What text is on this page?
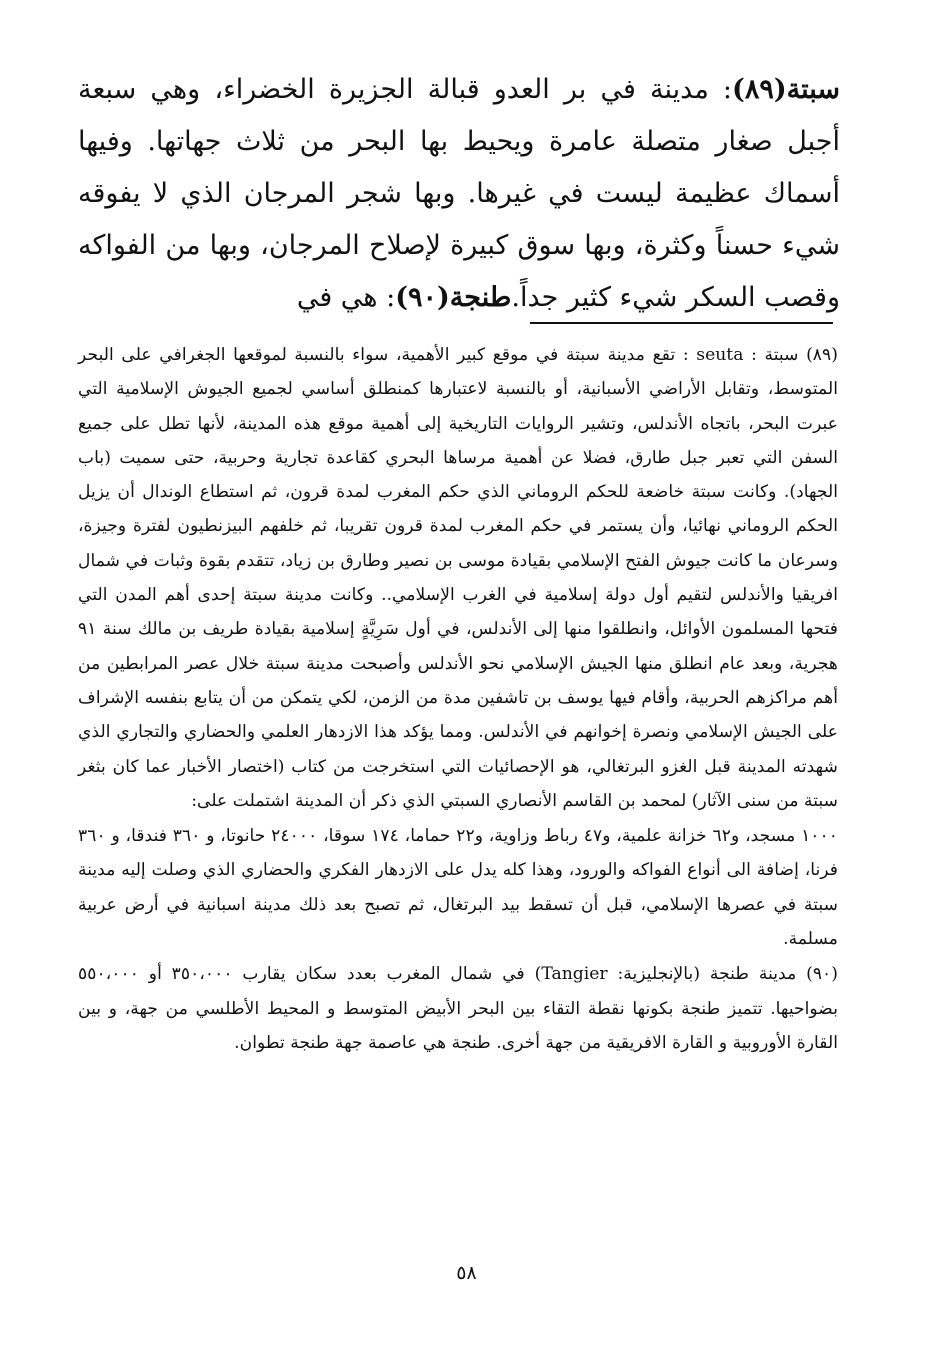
سبتة(٨٩): مدينة في بر العدو قبالة الجزيرة الخضراء، وهي سبعة أجبل صغار متصلة عامرة ويحيط بها البحر من ثلاث جهاتها. وفيها أسماك عظيمة ليست في غيرها. وبها شجر المرجان الذي لا يفوقه شيء حسناً وكثرة، وبها سوق كبيرة لإصلاح المرجان، وبها من الفواكه وقصب السكر شيء كثير جداً.طنجة(٩٠): هي في

(٨٩) سبتة : seuta : تقع مدينة سبتة في موقع كبير الأهمية، سواء بالنسبة لموقعها الجغرافي على البحر المتوسط، وتقابل الأراضي الأسبانية، أو بالنسبة لاعتبارها كمنطلق أساسي لجميع الجيوش الإسلامية التي عبرت البحر، باتجاه الأندلس، وتشير الروايات التاريخية إلى أهمية موقع هذه المدينة، لأنها تطل على جميع السفن التي تعبر جبل طارق، فضلا عن أهمية مرساها البحري كقاعدة تجارية وحربية، حتى سميت (باب الجهاد). وكانت سبتة خاضعة للحكم الروماني الذي حكم المغرب لمدة قرون، ثم استطاع الوندال أن يزيل الحكم الروماني نهائيا، وأن يستمر في حكم المغرب لمدة قرون تقريبا، ثم خلفهم البيزنطيون لفترة وجيزة، وسرعان ما كانت جيوش الفتح الإسلامي بقيادة موسى بن نصير وطارق بن زياد، تتقدم بقوة وثبات في شمال افريقيا والأندلس لتقيم أول دولة إسلامية في الغرب الإسلامي.. وكانت مدينة سبتة إحدى أهم المدن التي فتحها المسلمون الأوائل، وانطلقوا منها إلى الأندلس، في أول سَرِيَّةٍ إسلامية بقيادة طريف بن مالك سنة ٩١ هجرية، وبعد عام انطلق منها الجيش الإسلامي نحو الأندلس وأصبحت مدينة سبتة خلال عصر المرابطين من أهم مراكزهم الحربية، وأقام فيها يوسف بن تاشفين مدة من الزمن، لكي يتمكن من أن يتابع بنفسه الإشراف على الجيش الإسلامي ونصرة إخوانهم في الأندلس. ومما يؤكد هذا الازدهار العلمي والحضاري والتجاري الذي شهدته المدينة قبل الغزو البرتغالي، هو الإحصائيات التي استخرجت من كتاب (اختصار الأخبار عما كان بثغر سبتة من سنى الآثار) لمحمد بن القاسم الأنصاري السبتي الذي ذكر أن المدينة اشتملت على:

١٠٠٠ مسجد، و٦٢ خزانة علمية، و٤٧ رباط وزاوية، و٢٢ حماما، ١٧٤ سوقا، ٢٤٠٠٠ حانوتا، و ٣٦٠ فندقا، و ٣٦٠ فرنا، إضافة الى أنواع الفواكه والورود، وهذا كله يدل على الازدهار الفكري والحضاري الذي وصلت إليه مدينة سبتة في عصرها الإسلامي، قبل أن تسقط بيد البرتغال، ثم تصبح بعد ذلك مدينة اسبانية في أرض عربية مسلمة.

(٩٠) مدينة طنجة (بالإنجليزية: Tangier) في شمال المغرب بعدد سكان يقارب ٣٥٠،٠٠٠ أو ٥٥٠،٠٠٠ بضواحيها. تتميز طنجة بكونها نقطة التقاء بين البحر الأبيض المتوسط و المحيط الأطلسي من جهة، و بين القارة الأوروبية و القارة الافريقية من جهة أخرى. طنجة هي عاصمة جهة طنجة تطوان.

٥٨
